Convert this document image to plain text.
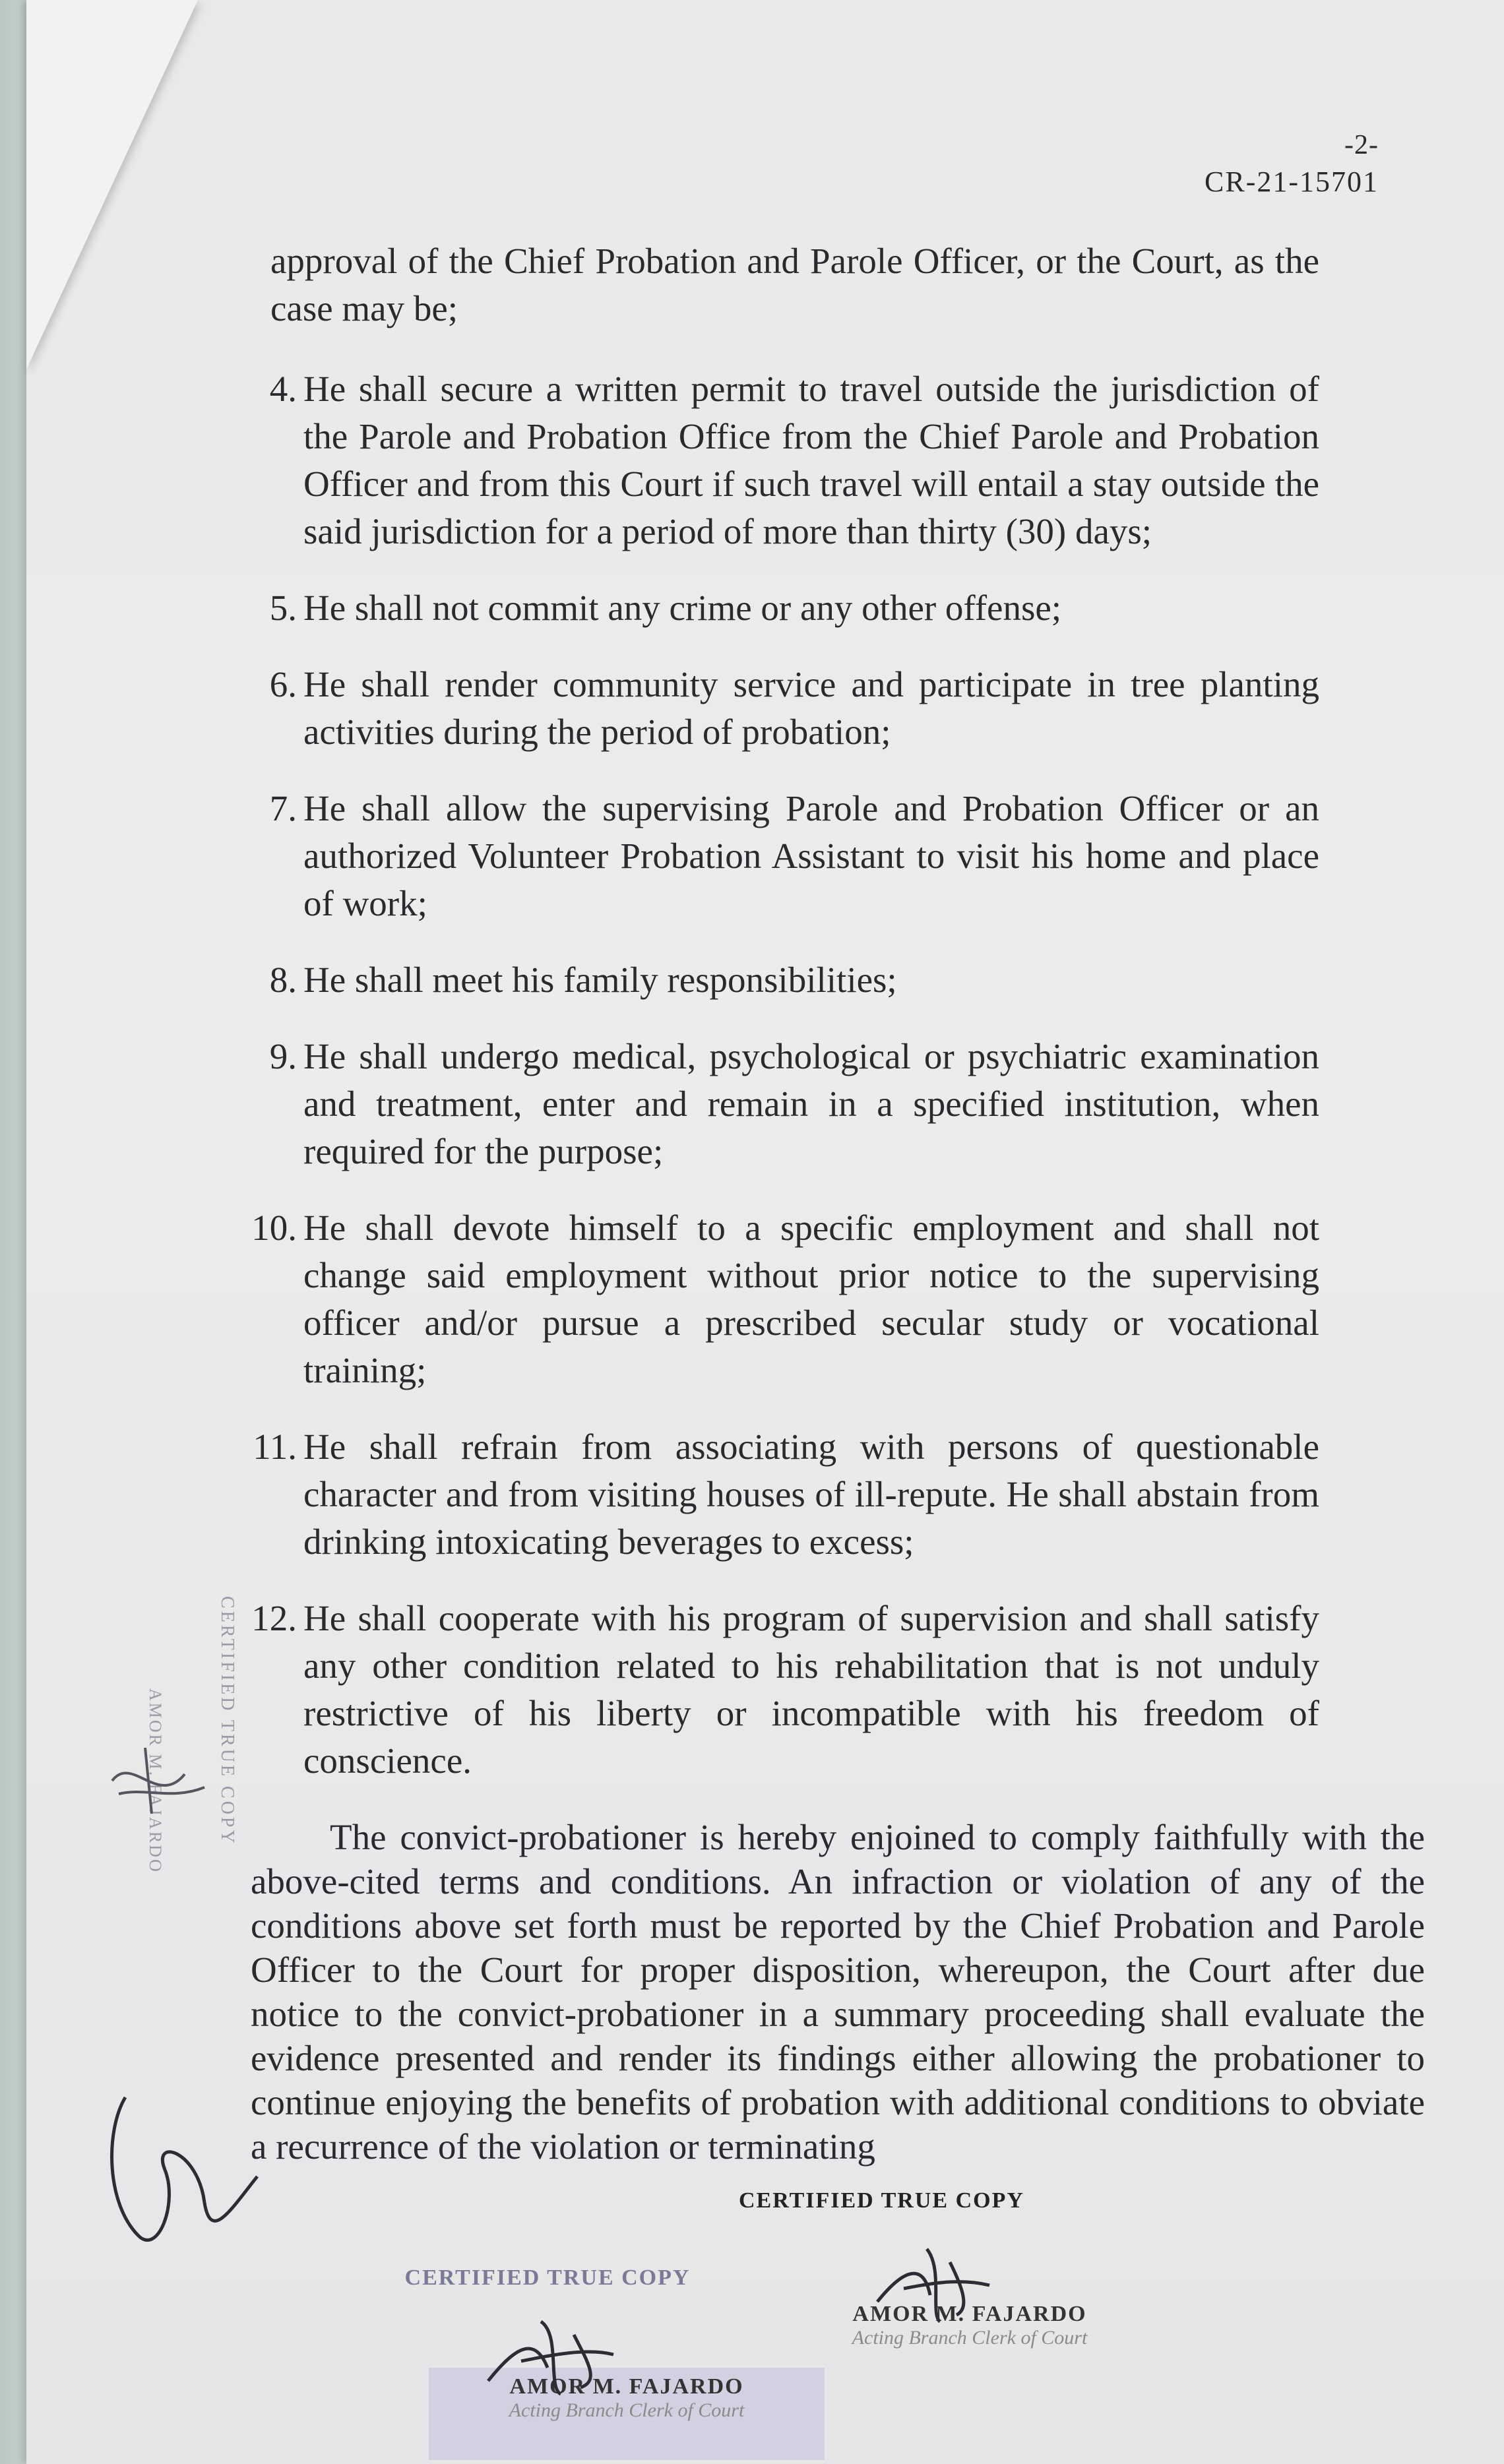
-2-
CR-21-15701
CERTIFIED TRUE COPY
AMOR M. FAJARDO

approval of the Chief Probation and Parole Officer, or the Court, as the case may be;

4. He shall secure a written permit to travel outside the jurisdiction of the Parole and Probation Office from the Chief Parole and Probation Officer and from this Court if such travel will entail a stay outside the said jurisdiction for a period of more than thirty (30) days;
5. He shall not commit any crime or any other offense;
6. He shall render community service and participate in tree planting activities during the period of probation;
7. He shall allow the supervising Parole and Probation Officer or an authorized Volunteer Probation Assistant to visit his home and place of work;
8. He shall meet his family responsibilities;
9. He shall undergo medical, psychological or psychiatric examination and treatment, enter and remain in a specified institution, when required for the purpose;
10. He shall devote himself to a specific employment and shall not change said employment without prior notice to the supervising officer and/or pursue a prescribed secular study or vocational training;
11. He shall refrain from associating with persons of questionable character and from visiting houses of ill-repute. He shall abstain from drinking intoxicating beverages to excess;
12. He shall cooperate with his program of supervision and shall satisfy any other condition related to his rehabilitation that is not unduly restrictive of his liberty or incompatible with his freedom of conscience.

The convict-probationer is hereby enjoined to comply faithfully with the above-cited terms and conditions. An infraction or violation of any of the conditions above set forth must be reported by the Chief Probation and Parole Officer to the Court for proper disposition, whereupon, the Court after due notice to the convict-probationer in a summary proceeding shall evaluate the evidence presented and render its findings either allowing the probationer to continue enjoying the benefits of probation with additional conditions to obviate a recurrence of the violation or terminating

CERTIFIED TRUE COPY
CERTIFIED TRUE COPY
AMOR M. FAJARDO
Acting Branch Clerk of Court
AMOR M. FAJARDO
Acting Branch Clerk of Court
